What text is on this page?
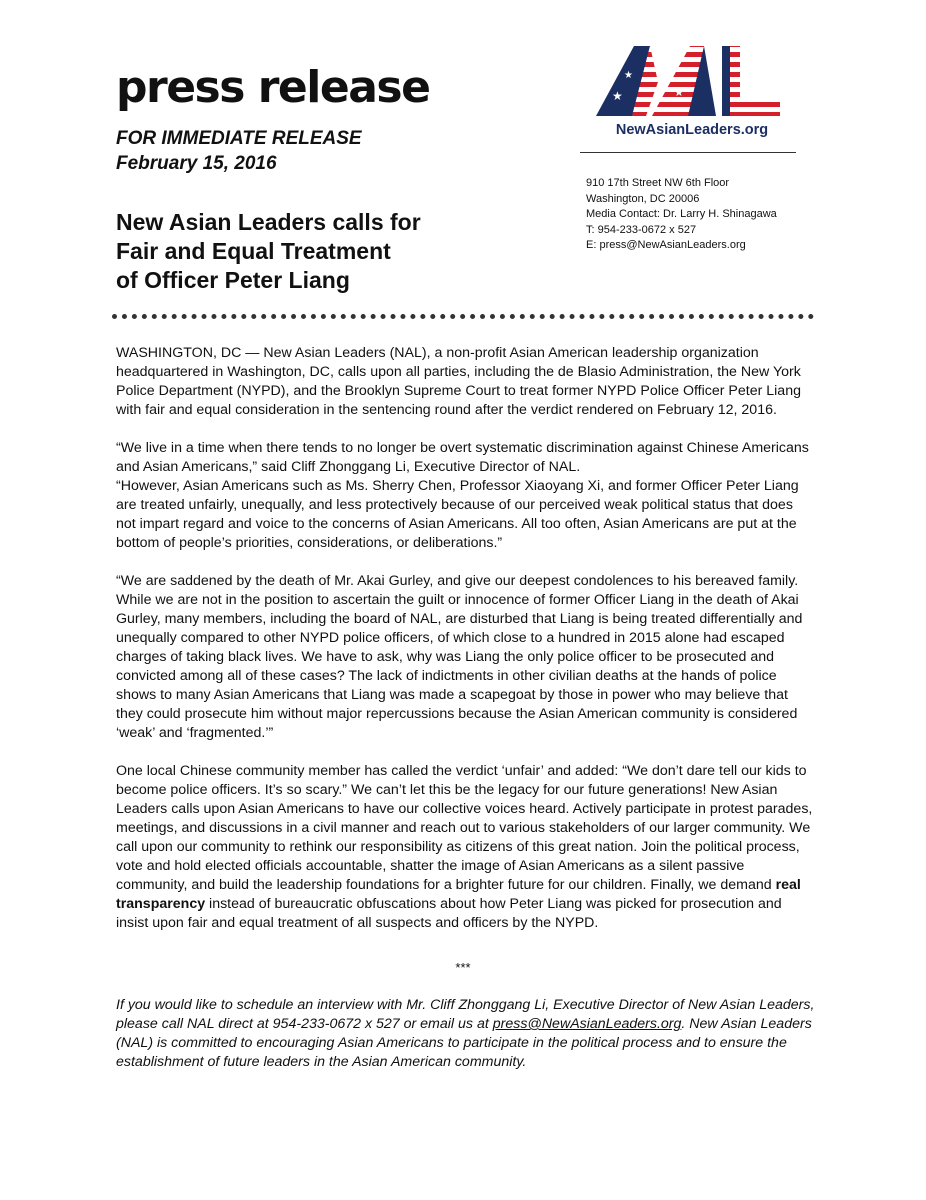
press release
FOR IMMEDIATE RELEASE
February 15, 2016
New Asian Leaders calls for
Fair and Equal Treatment
of Officer Peter Liang
★
★
★
NewAsianLeaders.org
910 17th Street NW 6th Floor
Washington, DC 20006
Media Contact: Dr. Larry H. Shinagawa
T: 954-233-0672 x 527
E: press@NewAsianLeaders.org

WASHINGTON, DC — New Asian Leaders (NAL), a non-profit Asian American leadership organization headquartered in Washington, DC, calls upon all parties, including the de Blasio Administration, the New York Police Department (NYPD), and the Brooklyn Supreme Court to treat former NYPD Police Officer Peter Liang with fair and equal consideration in the sentencing round after the verdict rendered on February 12, 2016.

“We live in a time when there tends to no longer be overt systematic discrimination against Chinese Americans and Asian Americans,” said Cliff Zhonggang Li, Executive Director of NAL.
“However, Asian Americans such as Ms. Sherry Chen, Professor Xiaoyang Xi, and former Officer Peter Liang are treated unfairly, unequally, and less protectively because of our perceived weak political status that does not impart regard and voice to the concerns of Asian Americans. All too often, Asian Americans are put at the bottom of people’s priorities, considerations, or deliberations.”

“We are saddened by the death of Mr. Akai Gurley, and give our deepest condolences to his bereaved family. While we are not in the position to ascertain the guilt or innocence of former Officer Liang in the death of Akai Gurley, many members, including the board of NAL, are disturbed that Liang is being treated differentially and unequally compared to other NYPD police officers, of which close to a hundred in 2015 alone had escaped charges of taking black lives. We have to ask, why was Liang the only police officer to be prosecuted and convicted among all of these cases? The lack of indictments in other civilian deaths at the hands of police shows to many Asian Americans that Liang was made a scapegoat by those in power who may believe that they could prosecute him without major repercussions because the Asian American community is considered ‘weak’ and ‘fragmented.’”

One local Chinese community member has called the verdict ‘unfair’ and added: “We don’t dare tell our kids to become police officers. It’s so scary.” We can’t let this be the legacy for our future generations! New Asian Leaders calls upon Asian Americans to have our collective voices heard. Actively participate in protest parades, meetings, and discussions in a civil manner and reach out to various stakeholders of our larger community. We call upon our community to rethink our responsibility as citizens of this great nation. Join the political process, vote and hold elected officials accountable, shatter the image of Asian Americans as a silent passive community, and build the leadership foundations for a brighter future for our children. Finally, we demand real transparency instead of bureaucratic obfuscations about how Peter Liang was picked for prosecution and insist upon fair and equal treatment of all suspects and officers by the NYPD.

***

If you would like to schedule an interview with Mr. Cliff Zhonggang Li, Executive Director of New Asian Leaders, please call NAL direct at 954-233-0672 x 527 or email us at press@NewAsianLeaders.org. New Asian Leaders (NAL) is committed to encouraging Asian Americans to participate in the political process and to ensure the establishment of future leaders in the Asian American community.
